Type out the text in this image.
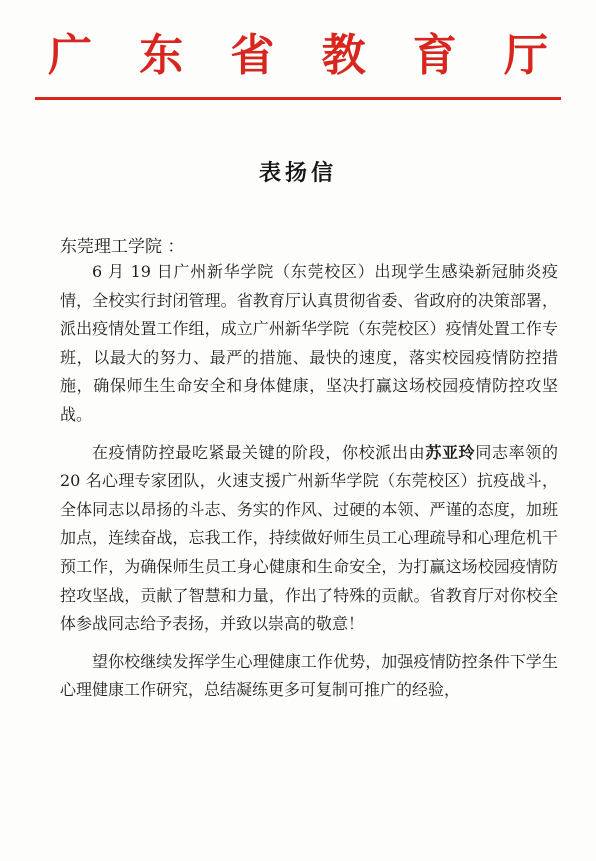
广 东 省 教 育 厅
表扬信
东莞理工学院 ：

6 月 19 日广州新华学院（东莞校区）出现学生感染新冠肺炎疫情，全校实行封闭管理。省教育厅认真贯彻省委、省政府的决策部署，派出疫情处置工作组，成立广州新华学院（东莞校区）疫情处置工作专班，以最大的努力、最严的措施、最快的速度，落实校园疫情防控措施，确保师生生命安全和身体健康，坚决打赢这场校园疫情防控攻坚战。

在疫情防控最吃紧最关键的阶段，你校派出由苏亚玲同志率领的 20 名心理专家团队，火速支援广州新华学院（东莞校区）抗疫战斗，全体同志以昂扬的斗志、务实的作风、过硬的本领、严谨的态度，加班加点，连续奋战，忘我工作，持续做好师生员工心理疏导和心理危机干预工作，为确保师生员工身心健康和生命安全，为打赢这场校园疫情防控攻坚战，贡献了智慧和力量，作出了特殊的贡献。省教育厅对你校全体参战同志给予表扬，并致以崇高的敬意！

望你校继续发挥学生心理健康工作优势，加强疫情防控条件下学生心理健康工作研究，总结凝练更多可复制可推广的经验，
